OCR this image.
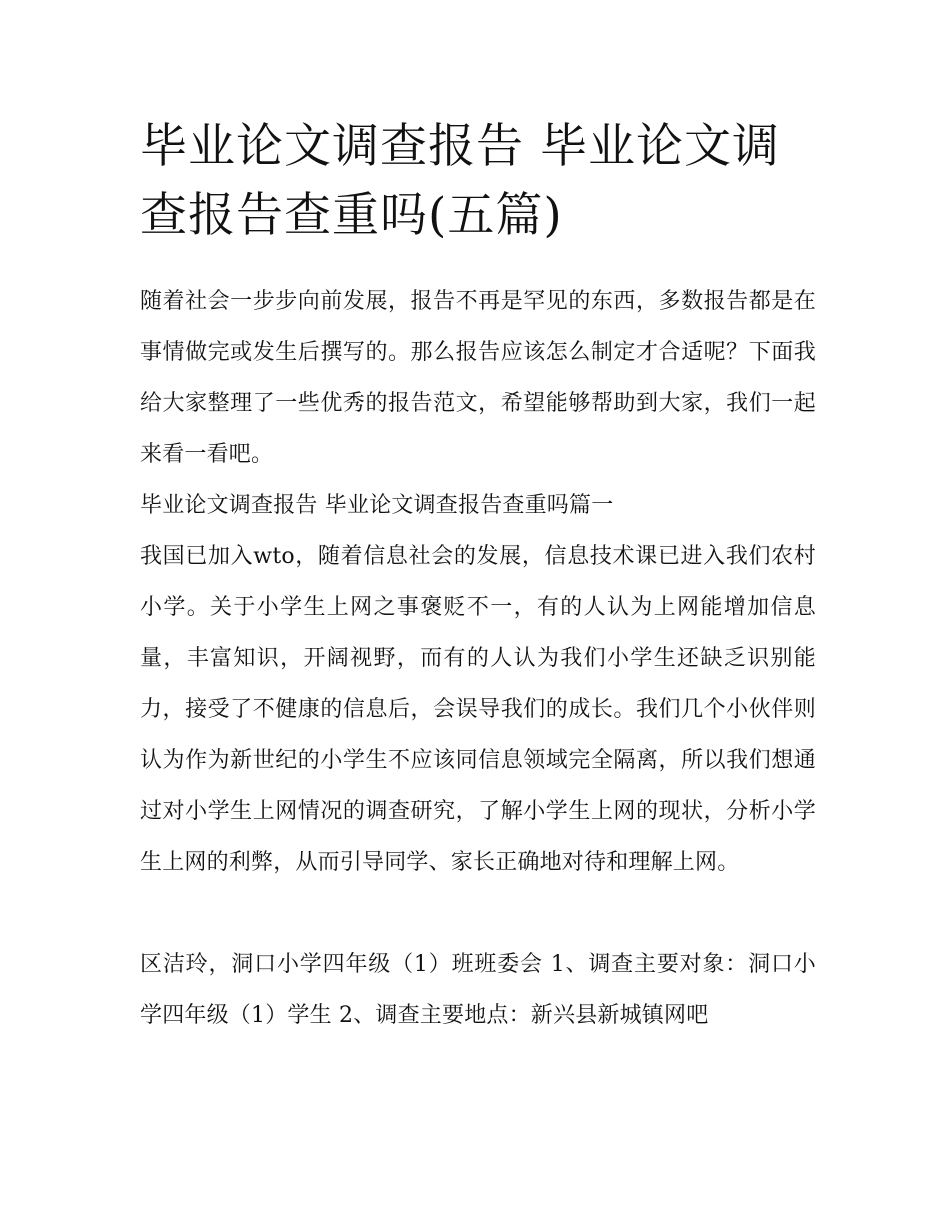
毕业论文调查报告 毕业论文调查报告查重吗(五篇)

随着社会一步步向前发展，报告不再是罕见的东西，多数报告都是在事情做完或发生后撰写的。那么报告应该怎么制定才合适呢？下面我给大家整理了一些优秀的报告范文，希望能够帮助到大家，我们一起来看一看吧。

毕业论文调查报告 毕业论文调查报告查重吗篇一

我国已加入wto，随着信息社会的发展，信息技术课已进入我们农村小学。关于小学生上网之事褒贬不一，有的人认为上网能增加信息量，丰富知识，开阔视野，而有的人认为我们小学生还缺乏识别能力，接受了不健康的信息后，会误导我们的成长。我们几个小伙伴则认为作为新世纪的小学生不应该同信息领域完全隔离，所以我们想通过对小学生上网情况的调查研究，了解小学生上网的现状，分析小学生上网的利弊，从而引导同学、家长正确地对待和理解上网。

区洁玲，洞口小学四年级（1）班班委会 1、调查主要对象：洞口小学四年级（1）学生 2、调查主要地点：新兴县新城镇网吧
